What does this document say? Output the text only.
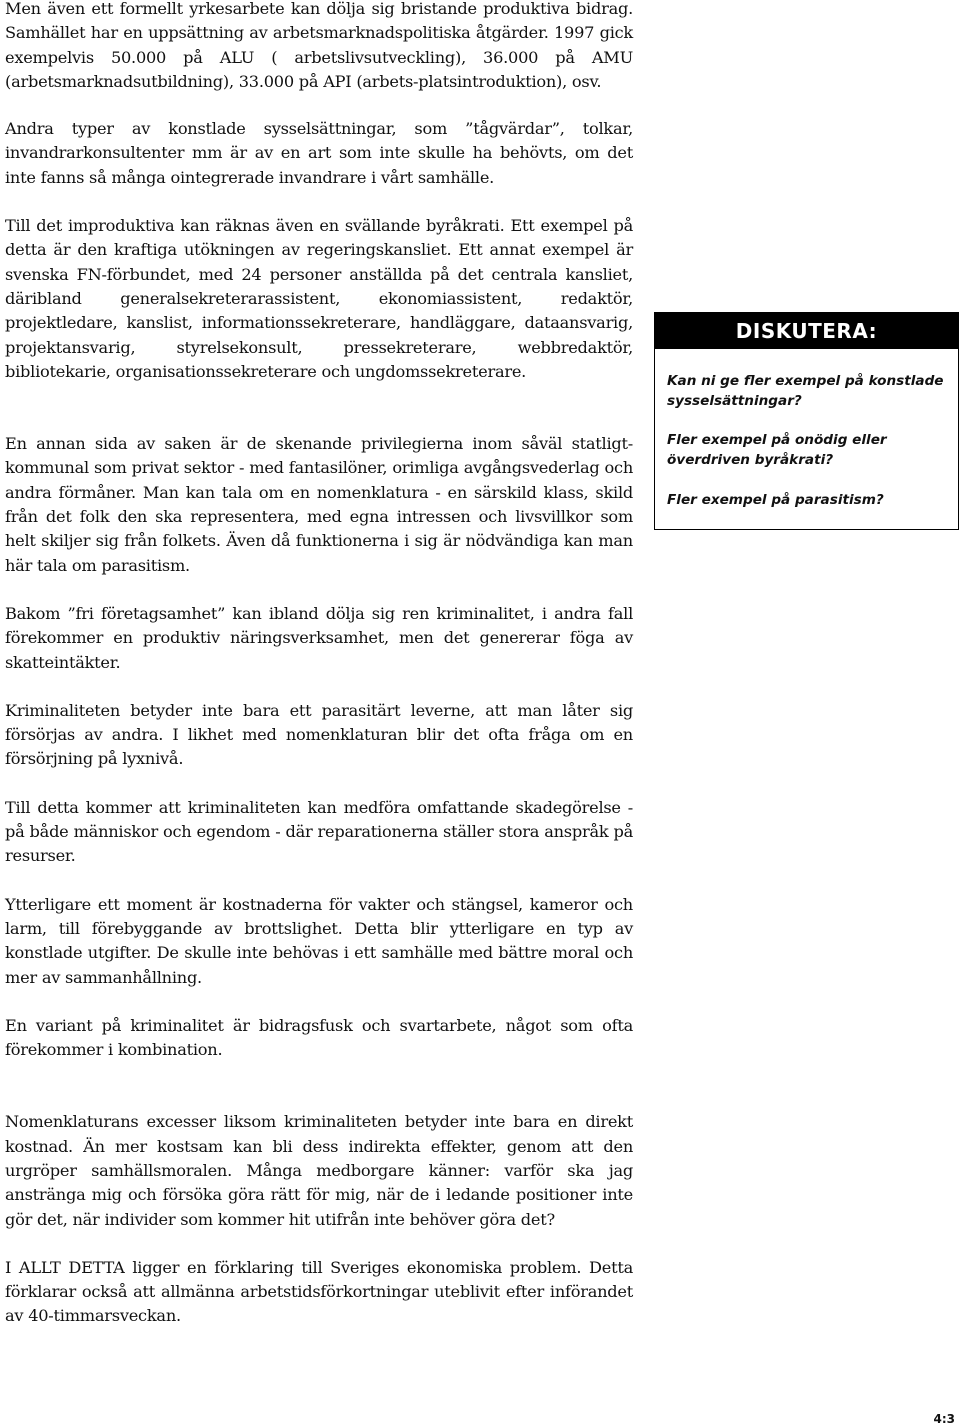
Men även ett formellt yrkesarbete kan dölja sig bristande produktiva bidrag. Samhället har en uppsättning av arbetsmarknadspolitiska åtgärder. 1997 gick exempelvis 50.000 på ALU ( arbetslivsutveckling), 36.000 på AMU (arbetsmarknadsutbildning), 33.000 på API (arbets-platsintroduktion), osv.

Andra typer av konstlade sysselsättningar, som ”tågvärdar”, tolkar, invandrarkonsultenter mm är av en art som inte skulle ha behövts, om det inte fanns så många ointegrerade invandrare i vårt samhälle.

Till det improduktiva kan räknas även en svällande byråkrati. Ett exempel på detta är den kraftiga utökningen av regeringskansliet. Ett annat exempel är svenska FN-förbundet, med 24 personer anställda på det centrala kansliet, däribland generalsekreterarassistent, ekonomiassistent, redaktör, projektledare, kanslist, informationssekreterare, handläggare, dataansvarig, projektansvarig, styrelsekonsult, pressekreterare, webbredaktör, bibliotekarie, organisationssekreterare och ungdomssekreterare.

En annan sida av saken är de skenande privilegierna inom såväl statligt-kommunal som privat sektor - med fantasilöner, orimliga avgångsvederlag och andra förmåner. Man kan tala om en nomenklatura - en särskild klass, skild från det folk den ska representera, med egna intressen och livsvillkor som helt skiljer sig från folkets. Även då funktionerna i sig är nödvändiga kan man här tala om parasitism.

Bakom ”fri företagsamhet” kan ibland dölja sig ren kriminalitet, i andra fall förekommer en produktiv näringsverksamhet, men det genererar föga av skatteintäkter.

Kriminaliteten betyder inte bara ett parasitärt leverne, att man låter sig försörjas av andra. I likhet med nomenklaturan blir det ofta fråga om en försörjning på lyxnivå.

Till detta kommer att kriminaliteten kan medföra omfattande skadegörelse - på både människor och egendom - där reparationerna ställer stora anspråk på resurser.

Ytterligare ett moment är kostnaderna för vakter och stängsel, kameror och larm, till förebyggande av brottslighet. Detta blir ytterligare en typ av konstlade utgifter. De skulle inte behövas i ett samhälle med bättre moral och mer av sammanhållning.

En variant på kriminalitet är bidragsfusk och svartarbete, något som ofta förekommer i kombination.

Nomenklaturans excesser liksom kriminaliteten betyder inte bara en direkt kostnad. Än mer kostsam kan bli dess indirekta effekter, genom att den urgröper samhällsmoralen. Många medborgare känner: varför ska jag anstränga mig och försöka göra rätt för mig, när de i ledande positioner inte gör det, när individer som kommer hit utifrån inte behöver göra det?

I ALLT DETTA ligger en förklaring till Sveriges ekonomiska problem. Detta förklarar också att allmänna arbetstidsförkortningar uteblivit efter införandet av 40-timmarsveckan.

DISKUTERA:

Kan ni ge fler exempel på konstlade sysselsättningar?

Fler exempel på onödig eller överdriven byråkrati?

Fler exempel på parasitism?

4:3
